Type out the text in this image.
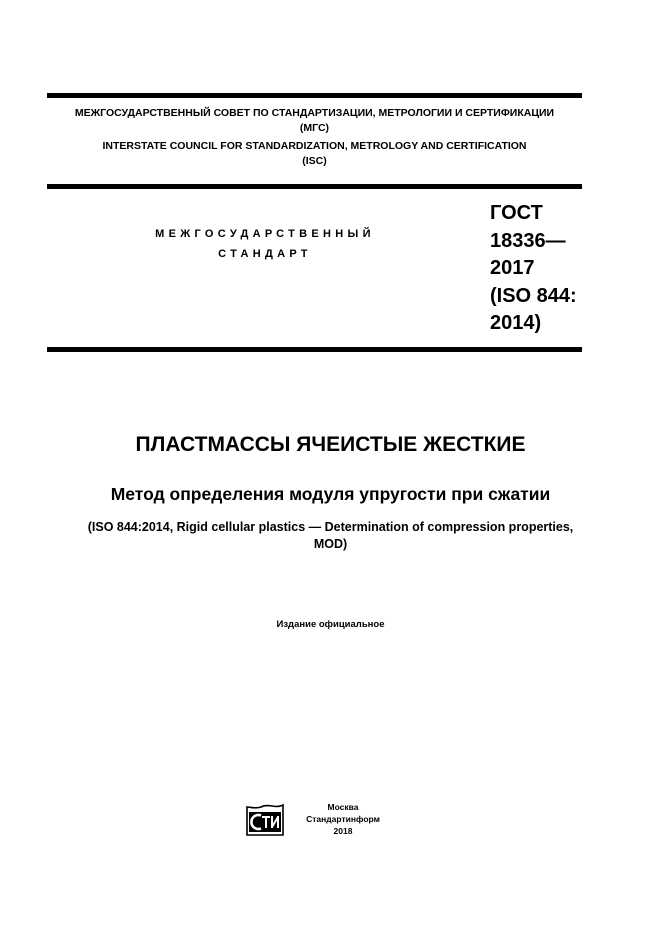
МЕЖГОСУДАРСТВЕННЫЙ СОВЕТ ПО СТАНДАРТИЗАЦИИ, МЕТРОЛОГИИ И СЕРТИФИКАЦИИ
(МГС)
INTERSTATE COUNCIL FOR STANDARDIZATION, METROLOGY AND CERTIFICATION
(ISC)
МЕЖГОСУДАРСТВЕННЫЙ
СТАНДАРТ
ГОСТ
18336—
2017
(ISO 844:
2014)
ПЛАСТМАССЫ ЯЧЕИСТЫЕ ЖЕСТКИЕ
Метод определения модуля упругости при сжатии
(ISO 844:2014, Rigid cellular plastics — Determination of compression properties,
MOD)
Издание официальное
Москва
Стандартинформ
2018
